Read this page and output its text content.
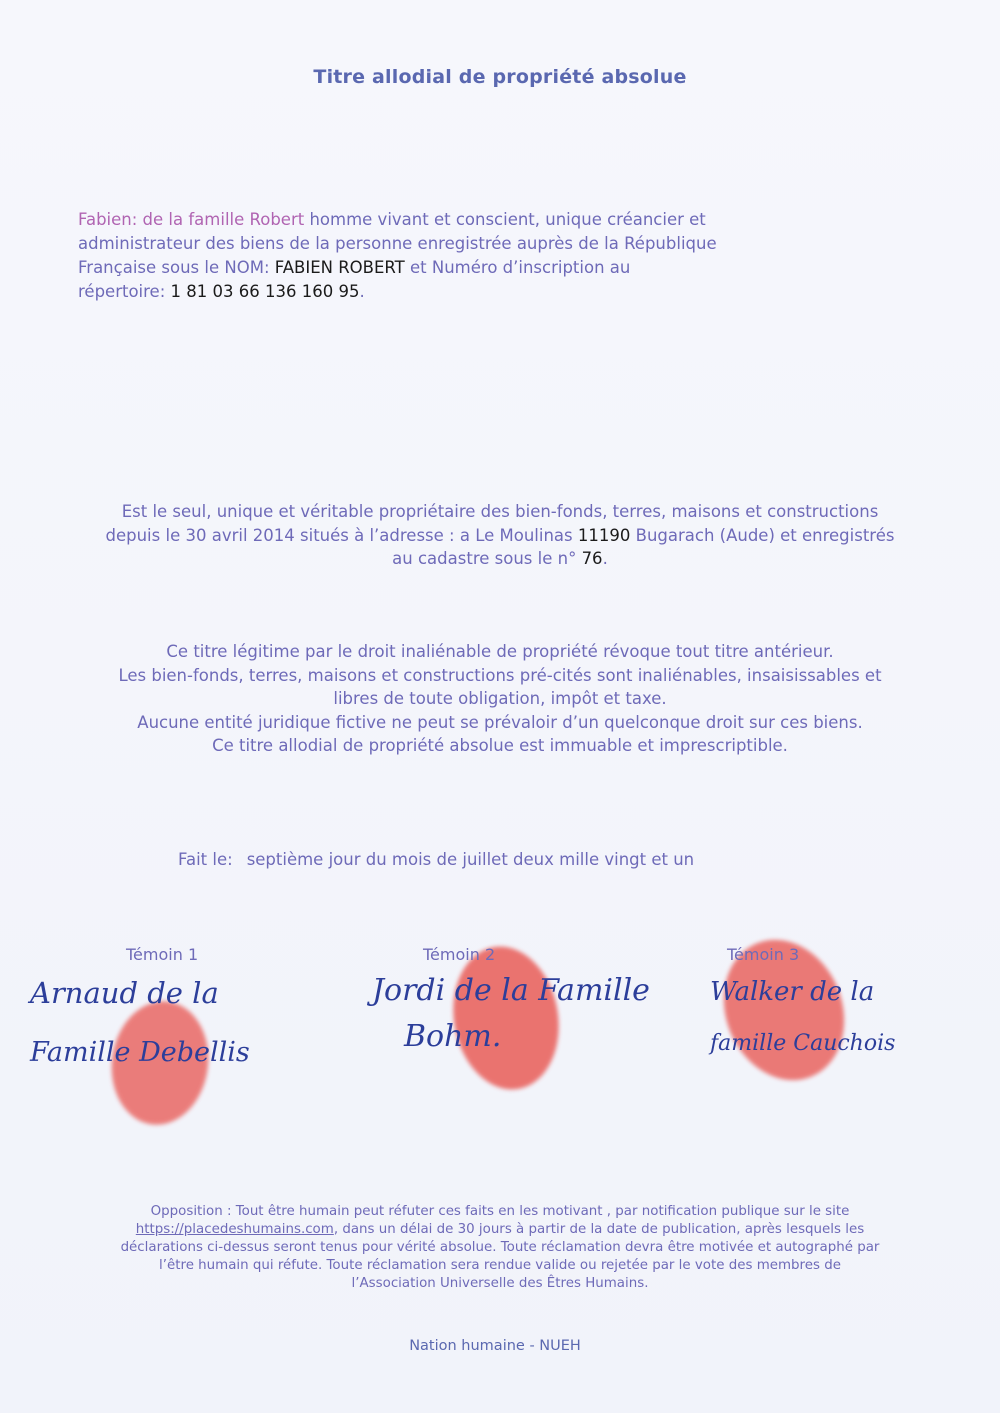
Titre allodial de propriété absolue
Fabien: de la famille Robert homme vivant et conscient, unique créancier et administrateur des biens de la personne enregistrée auprès de la République Française sous le NOM: FABIEN ROBERT et Numéro d’inscription au répertoire: 1 81 03 66 136 160 95.
Est le seul, unique et véritable propriétaire des bien-fonds, terres, maisons et constructions
depuis le 30 avril 2014 situés à l’adresse : a Le Moulinas 11190 Bugarach (Aude) et enregistrés
au cadastre sous le n° 76.
Ce titre légitime par le droit inaliénable de propriété révoque tout titre antérieur.
Les bien-fonds, terres, maisons et constructions pré-cités sont inaliénables, insaisissables et
libres de toute obligation, impôt et taxe.
Aucune entité juridique fictive ne peut se prévaloir d’un quelconque droit sur ces biens.
Ce titre allodial de propriété absolue est immuable et imprescriptible.
Fait le: septième jour du mois de juillet deux mille vingt et un
Arnaud de la
Famille Debellis
Jordi de la Famille
Bohm.
Walker de la
famille Cauchois
Témoin 1	Témoin 2	Témoin 3
Opposition : Tout être humain peut réfuter ces faits en les motivant , par notification publique sur le site
https://placedeshumains.com, dans un délai de 30 jours à partir de la date de publication, après lesquels les
déclarations ci-dessus seront tenus pour vérité absolue. Toute réclamation devra être motivée et autographé par
l’être humain qui réfute. Toute réclamation sera rendue valide ou rejetée par le vote des membres de
l’Association Universelle des Êtres Humains.
Nation humaine - NUEH
